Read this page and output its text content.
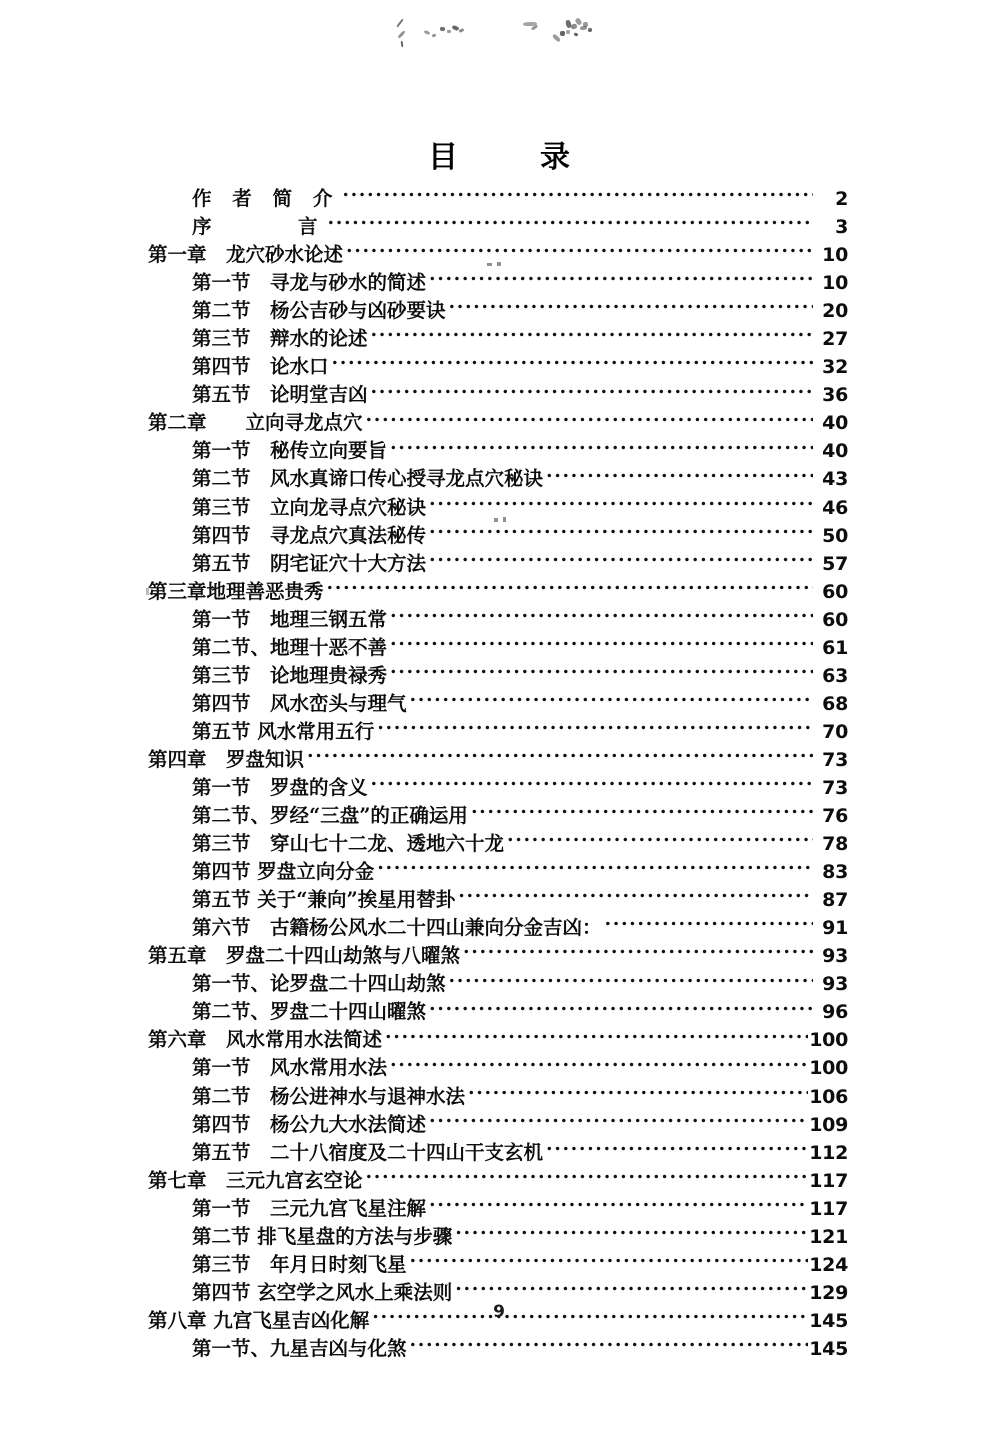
目　录
作 者 简 介 .....	2
序　　　言 .....	3
第一章　龙穴砂水论述 .....	10
第一节　寻龙与砂水的简述 .....	10
第二节　杨公吉砂与凶砂要诀 .....	20
第三节　辩水的论述 .....	27
第四节　论水口 .....	32
第五节　论明堂吉凶 .....	36
第二章　　立向寻龙点穴 .....	40
第一节　秘传立向要旨 .....	40
第二节　风水真谛口传心授寻龙点穴秘诀 .....	43
第三节　立向龙寻点穴秘诀 .....	46
第四节　寻龙点穴真法秘传 .....	50
第五节　阴宅证穴十大方法 .....	57
第三章地理善恶贵秀 .....	60
第一节　地理三钢五常 .....	60
第二节、地理十恶不善 .....	61
第三节　论地理贵禄秀 .....	63
第四节　风水峦头与理气 .....	68
第五节 风水常用五行 .....	70
第四章　罗盘知识 .....	73
第一节　罗盘的含义 .....	73
第二节、罗经“三盘”的正确运用 .....	76
第三节　穿山七十二龙、透地六十龙 .....	78
第四节 罗盘立向分金 .....	83
第五节 关于“兼向”挨星用替卦 .....	87
第六节　古籍杨公风水二十四山兼向分金吉凶： .....	91
第五章　罗盘二十四山劫煞与八曜煞 .....	93
第一节、论罗盘二十四山劫煞 .....	93
第二节、罗盘二十四山曜煞 .....	96
第六章　风水常用水法简述 .....	100
第一节　风水常用水法 .....	100
第二节　杨公进神水与退神水法 .....	106
第四节　杨公九大水法简述 .....	109
第五节　二十八宿度及二十四山干支玄机 .....	112
第七章　三元九宫玄空论 .....	117
第一节　三元九宫飞星注解 .....	117
第二节 排飞星盘的方法与步骤 .....	121
第三节　年月日时刻飞星 .....	124
第四节 玄空学之风水上乘法则 .....	129
第八章 九宫飞星吉凶化解 .....	145
第一节、九星吉凶与化煞 .....	145
9
